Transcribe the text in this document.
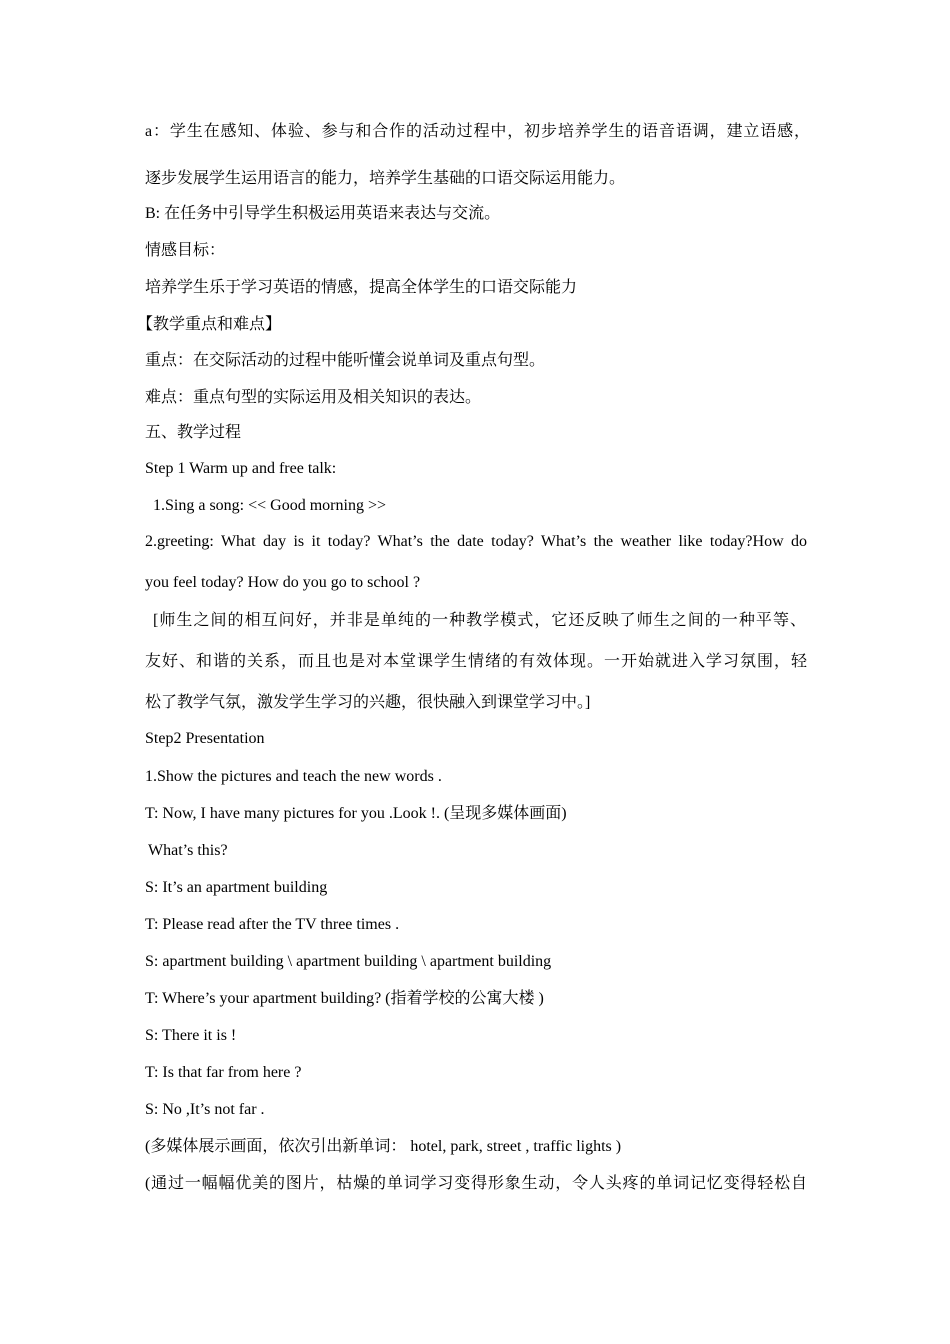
a：学生在感知、体验、参与和合作的活动过程中，初步培养学生的语音语调，建立语感，

逐步发展学生运用语言的能力，培养学生基础的口语交际运用能力。

B: 在任务中引导学生积极运用英语来表达与交流。

情感目标：

培养学生乐于学习英语的情感，提高全体学生的口语交际能力

【教学重点和难点】

重点：在交际活动的过程中能听懂会说单词及重点句型。

难点：重点句型的实际运用及相关知识的表达。

五、教学过程

Step 1 Warm up and free talk:

1.Sing a song: << Good morning >>

2.greeting: What day is it today? What’s the date today? What’s the weather like today?How do

you feel today? How do you go to school ?

[师生之间的相互问好，并非是单纯的一种教学模式，它还反映了师生之间的一种平等、

友好、和谐的关系，而且也是对本堂课学生情绪的有效体现。一开始就进入学习氛围，轻

松了教学气氛，激发学生学习的兴趣，很快融入到课堂学习中。]

Step2 Presentation

1.Show the pictures and teach the new words .

T: Now, I have many pictures for you .Look !. (呈现多媒体画面)

What’s this?

S: It’s an apartment building

T: Please read after the TV three times .

S: apartment building \ apartment building \ apartment building

T: Where’s your apartment building? (指着学校的公寓大楼 )

S: There it is !

T: Is that far from here ?

S: No ,It’s not far .

(多媒体展示画面，依次引出新单词： hotel, park, street , traffic lights )

(通过一幅幅优美的图片，枯燥的单词学习变得形象生动，令人头疼的单词记忆变得轻松自
